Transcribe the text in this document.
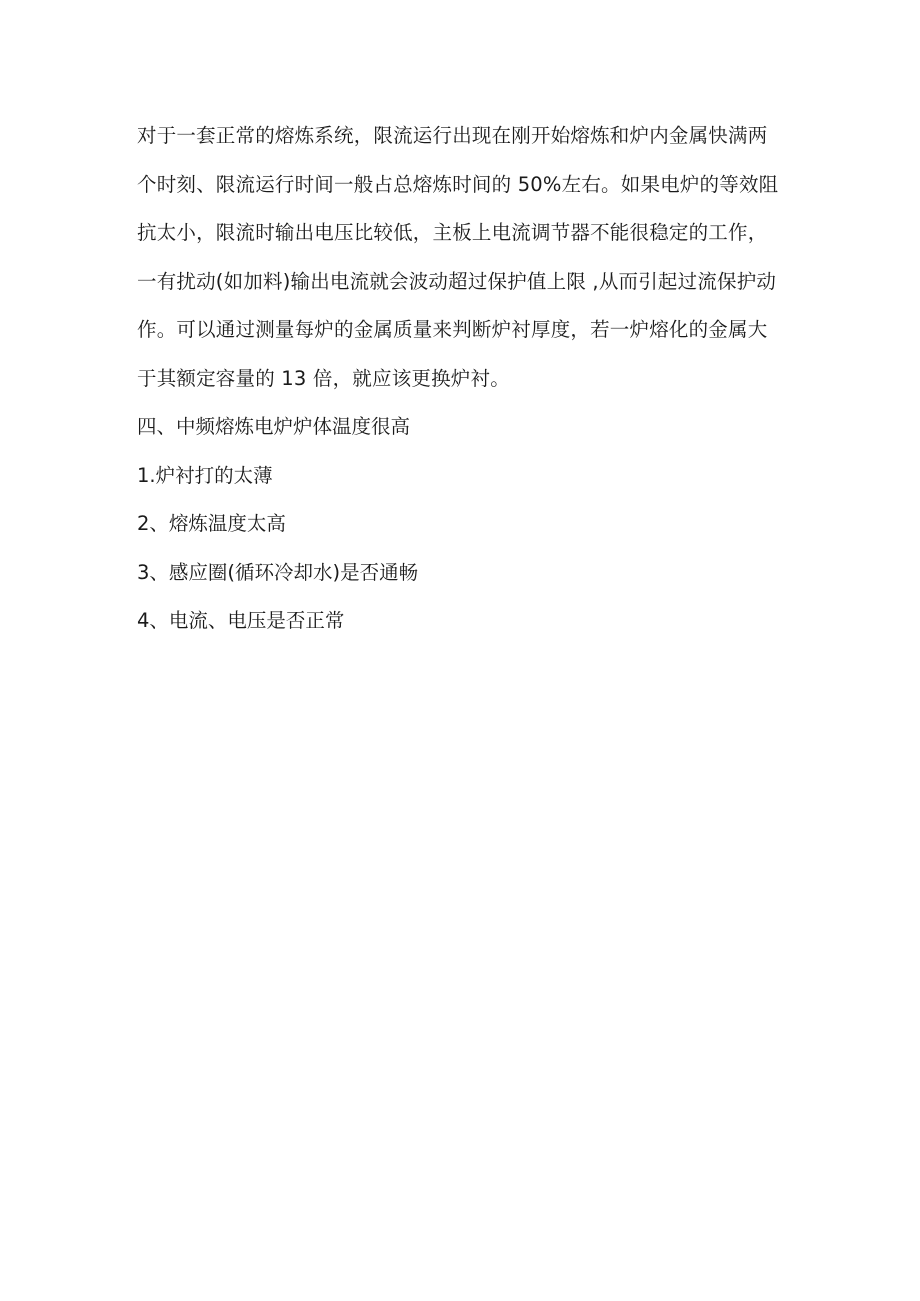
对于一套正常的熔炼系统，限流运行出现在刚开始熔炼和炉内金属快满两
个时刻、限流运行时间一般占总熔炼时间的 50%左右。如果电炉的等效阻
抗太小，限流时输出电压比较低，主板上电流调节器不能很稳定的工作，
一有扰动(如加料)输出电流就会波动超过保护值上限 ,从而引起过流保护动
作。可以通过测量每炉的金属质量来判断炉衬厚度，若一炉熔化的金属大
于其额定容量的 13 倍，就应该更换炉衬。
四、中频熔炼电炉炉体温度很高
1.炉衬打的太薄
2、熔炼温度太高
3、感应圈(循环冷却水)是否通畅
4、电流、电压是否正常
